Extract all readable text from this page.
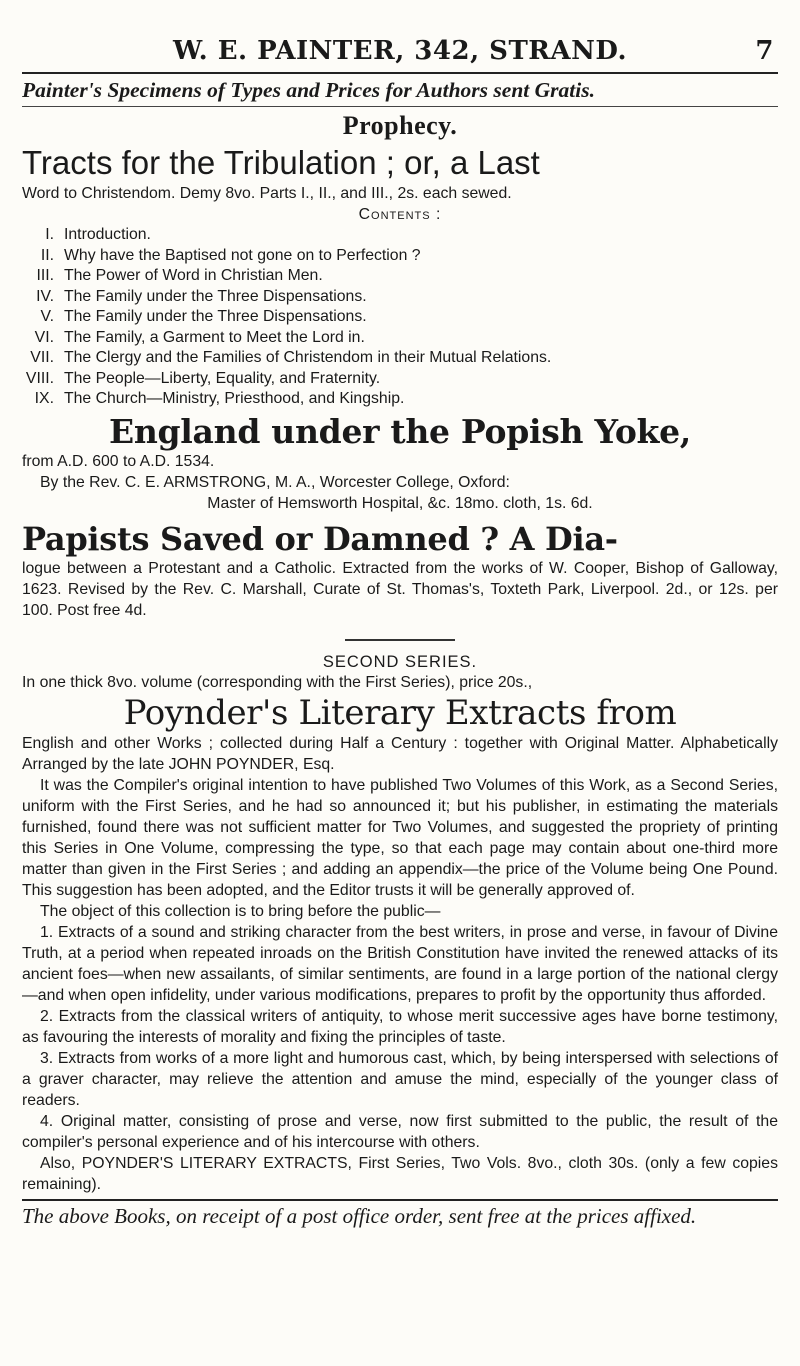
W. E. PAINTER, 342, STRAND.	7
Painter's Specimens of Types and Prices for Authors sent Gratis.
Prophecy.
Tracts for the Tribulation ; or, a Last

Word to Christendom. Demy 8vo. Parts I., II., and III., 2s. each sewed.

Contents :

I. Introduction.
II. Why have the Baptised not gone on to Perfection ?
III. The Power of Word in Christian Men.
IV. The Family under the Three Dispensations.
V. The Family under the Three Dispensations.
VI. The Family, a Garment to Meet the Lord in.
VII. The Clergy and the Families of Christendom in their Mutual Relations.
VIII. The People—Liberty, Equality, and Fraternity.
IX. The Church—Ministry, Priesthood, and Kingship.
England under the Popish Yoke,

from A.D. 600 to A.D. 1534.

By the Rev. C. E. ARMSTRONG, M. A., Worcester College, Oxford:

Master of Hemsworth Hospital, &c. 18mo. cloth, 1s. 6d.

Papists Saved or Damned ? A Dia-

logue between a Protestant and a Catholic. Extracted from the works of W. Cooper, Bishop of Galloway, 1623. Revised by the Rev. C. Marshall, Curate of St. Thomas's, Toxteth Park, Liverpool. 2d., or 12s. per 100. Post free 4d.

SECOND SERIES.

In one thick 8vo. volume (corresponding with the First Series), price 20s.,

Poynder's Literary Extracts from

English and other Works ; collected during Half a Century : together with Original Matter. Alphabetically Arranged by the late JOHN POYNDER, Esq.

It was the Compiler's original intention to have published Two Volumes of this Work, as a Second Series, uniform with the First Series, and he had so announced it; but his publisher, in estimating the materials furnished, found there was not sufficient matter for Two Volumes, and suggested the propriety of printing this Series in One Volume, compressing the type, so that each page may contain about one-third more matter than given in the First Series ; and adding an appendix—the price of the Volume being One Pound. This suggestion has been adopted, and the Editor trusts it will be generally approved of.

The object of this collection is to bring before the public—

1. Extracts of a sound and striking character from the best writers, in prose and verse, in favour of Divine Truth, at a period when repeated inroads on the British Constitution have invited the renewed attacks of its ancient foes—when new assailants, of similar sentiments, are found in a large portion of the national clergy —and when open infidelity, under various modifications, prepares to profit by the opportunity thus afforded.

2. Extracts from the classical writers of antiquity, to whose merit successive ages have borne testimony, as favouring the interests of morality and fixing the principles of taste.

3. Extracts from works of a more light and humorous cast, which, by being interspersed with selections of a graver character, may relieve the attention and amuse the mind, especially of the younger class of readers.

4. Original matter, consisting of prose and verse, now first submitted to the public, the result of the compiler's personal experience and of his intercourse with others.

Also, POYNDER'S LITERARY EXTRACTS, First Series, Two Vols. 8vo., cloth 30s. (only a few copies remaining).

The above Books, on receipt of a post office order, sent free at the prices affixed.
